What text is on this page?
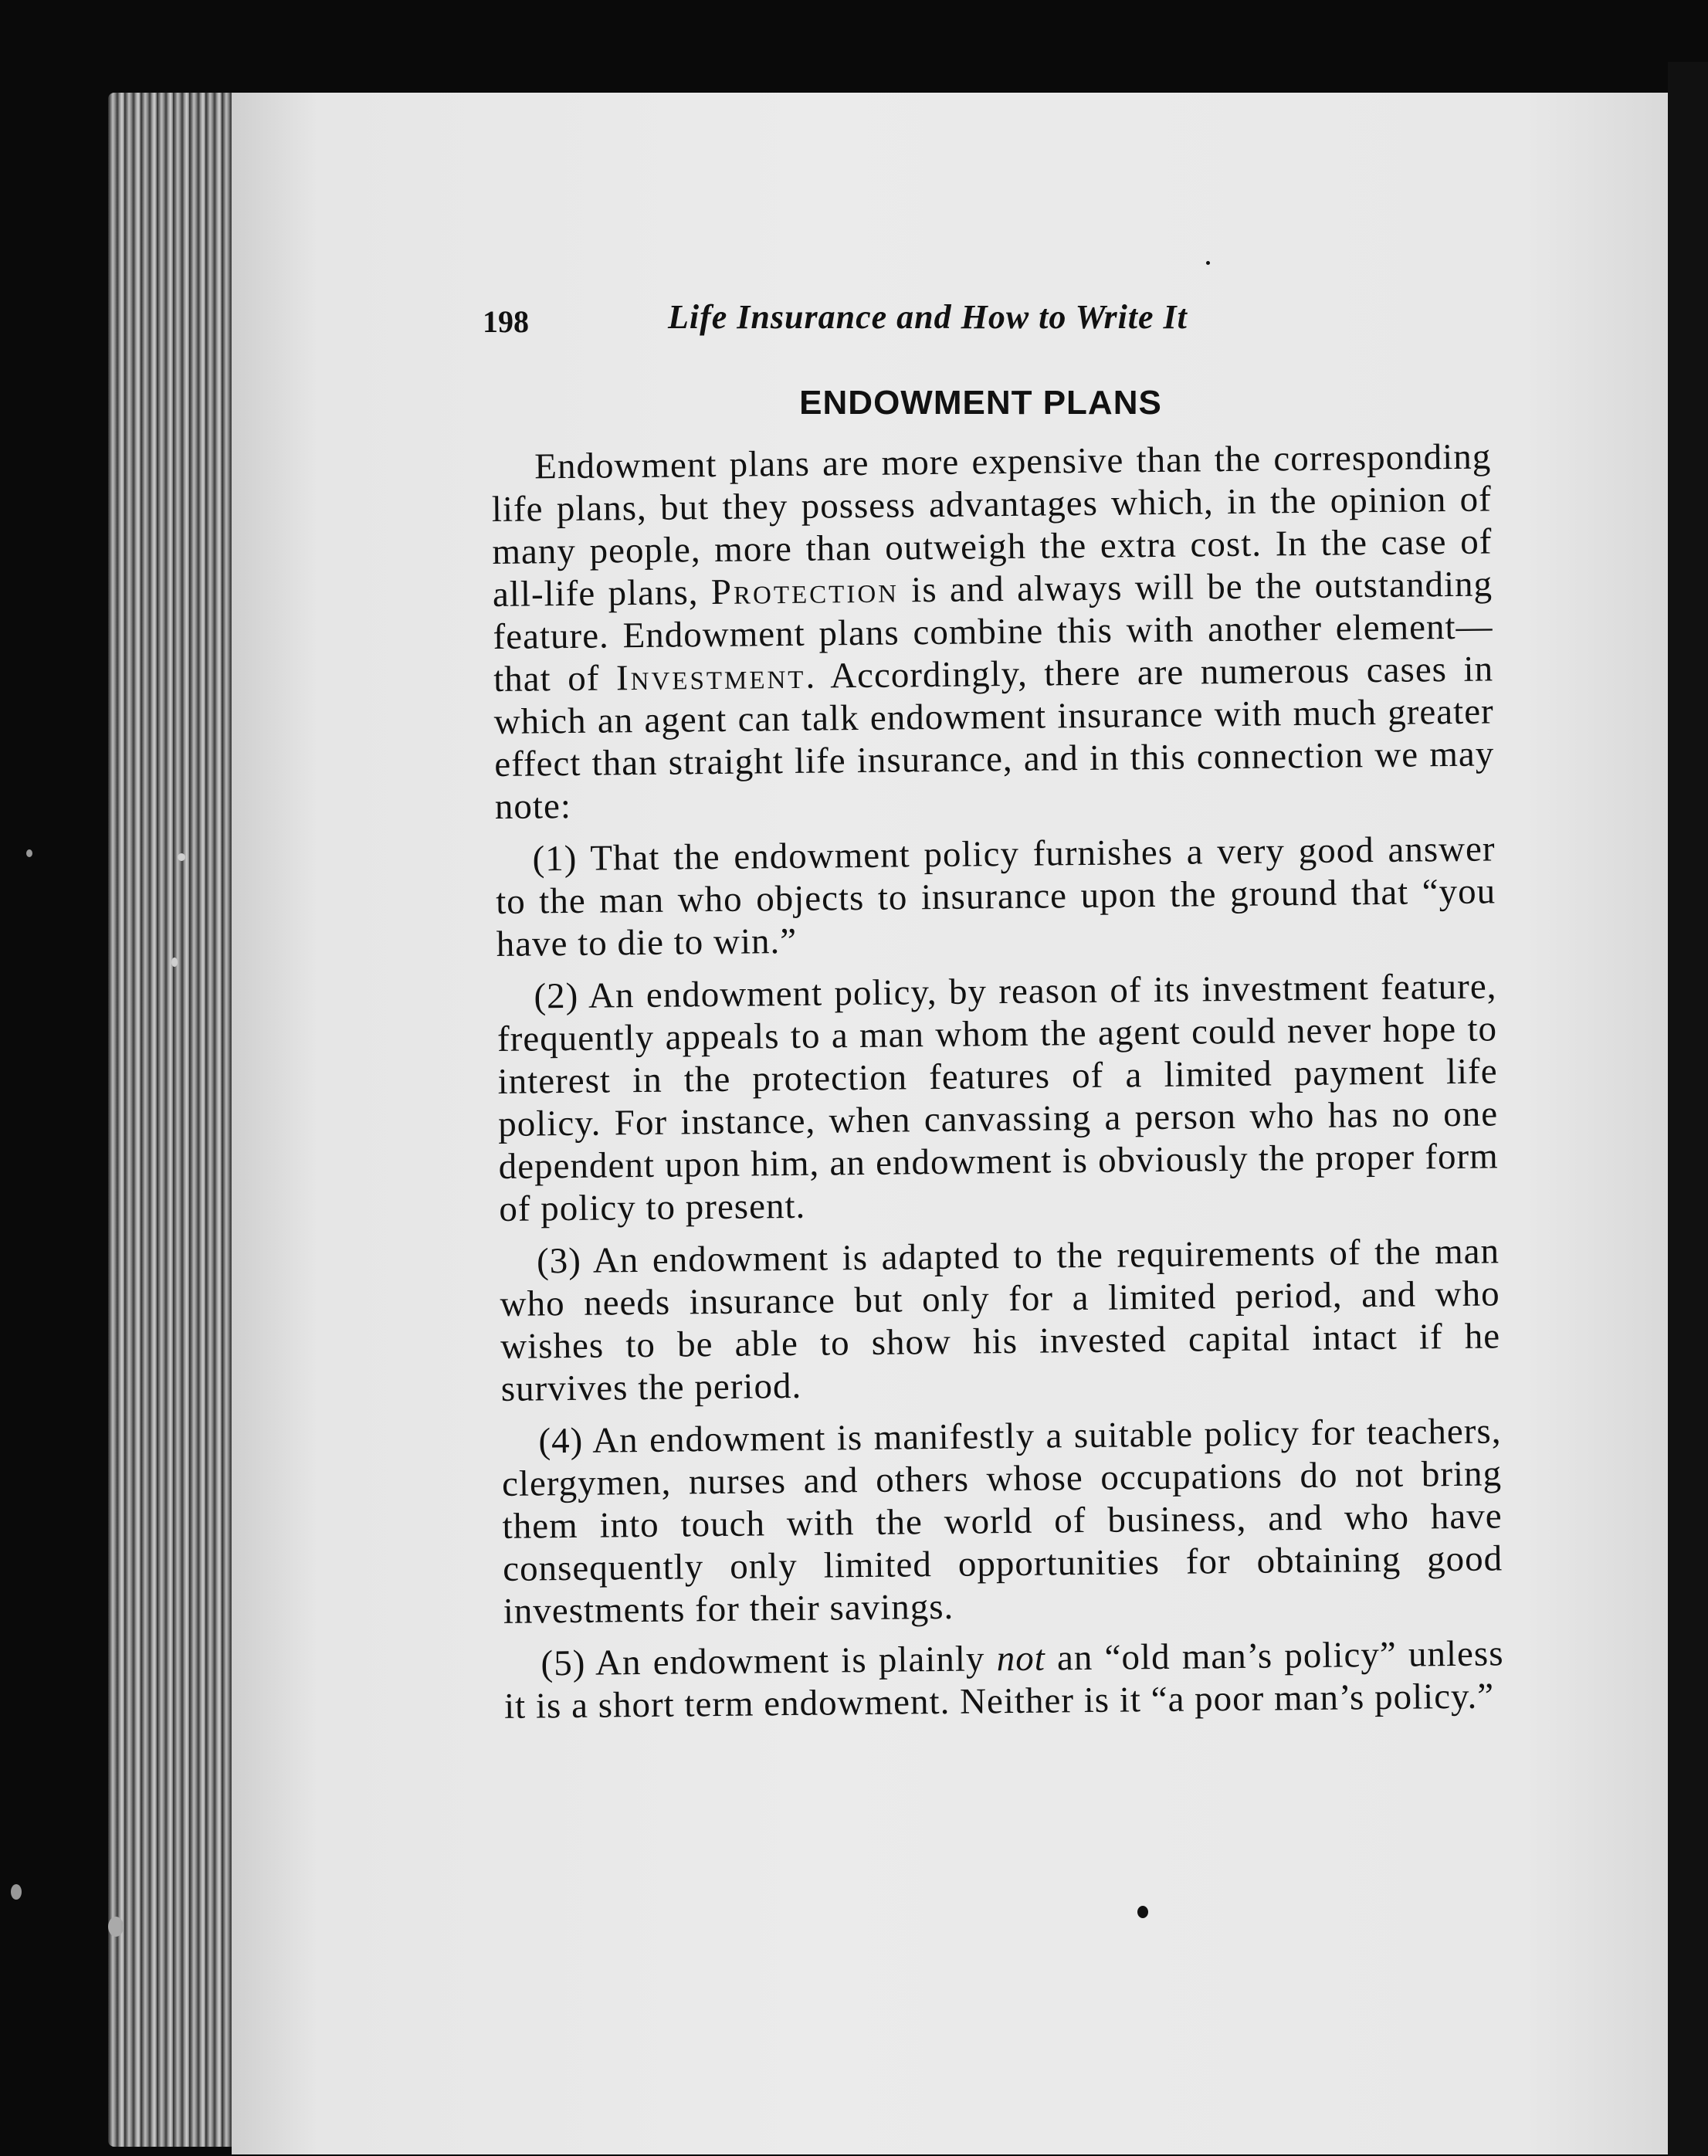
198	Life Insurance and How to Write It
ENDOWMENT PLANS

Endowment plans are more expensive than the corresponding life plans, but they possess advantages which, in the opinion of many people, more than outweigh the extra cost. In the case of all-life plans, Protection is and always will be the outstanding feature. Endowment plans combine this with another element—that of Investment. Accordingly, there are numerous cases in which an agent can talk endowment insurance with much greater effect than straight life insurance, and in this connection we may note:

(1) That the endowment policy furnishes a very good answer to the man who objects to insurance upon the ground that “you have to die to win.”

(2) An endowment policy, by reason of its investment feature, frequently appeals to a man whom the agent could never hope to interest in the protection features of a limited payment life policy. For instance, when canvassing a person who has no one dependent upon him, an endowment is obviously the proper form of policy to present.

(3) An endowment is adapted to the requirements of the man who needs insurance but only for a limited period, and who wishes to be able to show his invested capital intact if he survives the period.

(4) An endowment is manifestly a suitable policy for teachers, clergymen, nurses and others whose occupations do not bring them into touch with the world of business, and who have consequently only limited opportunities for obtaining good investments for their savings.

(5) An endowment is plainly not an “old man’s policy” unless it is a short term endowment. Neither is it “a poor man’s policy.”
